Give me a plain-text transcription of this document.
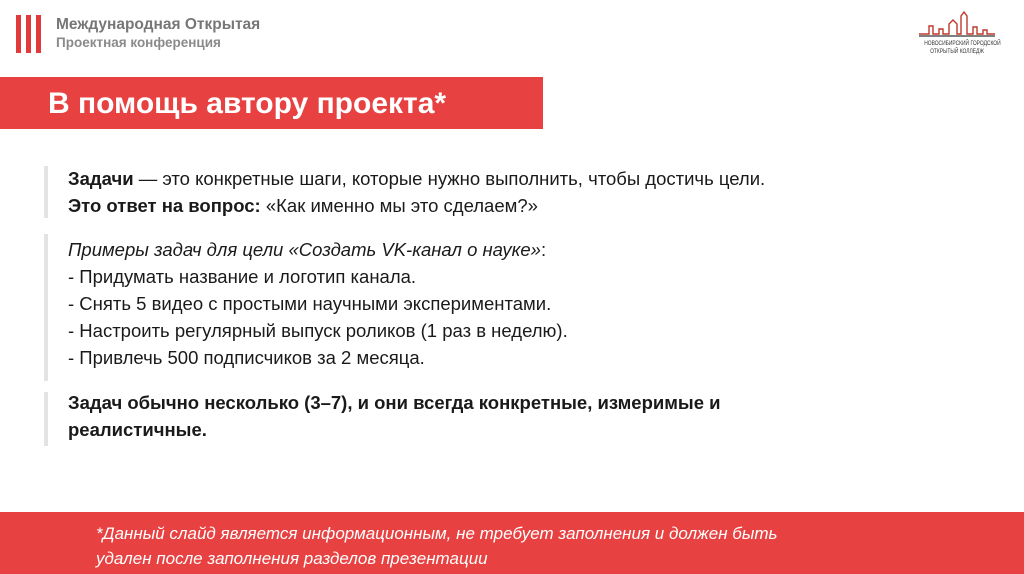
Международная Открытая
Проектная конференция	НОВОСИБИРСКИЙ ГОРОДСКОЙ
ОТКРЫТЫЙ КОЛЛЕДЖ
В помощь автору проекта*
Задачи — это конкретные шаги, которые нужно выполнить, чтобы достичь цели.
Это ответ на вопрос: «Как именно мы это сделаем?»
Примеры задач для цели «Создать VK-канал о науке»:
- Придумать название и логотип канала.
- Снять 5 видео с простыми научными экспериментами.
- Настроить регулярный выпуск роликов (1 раз в неделю).
- Привлечь 500 подписчиков за 2 месяца.
Задач обычно несколько (3–7), и они всегда конкретные, измеримые и
реалистичные.
*Данный слайд является информационным, не требует заполнения и должен быть
удален после заполнения разделов презентации
